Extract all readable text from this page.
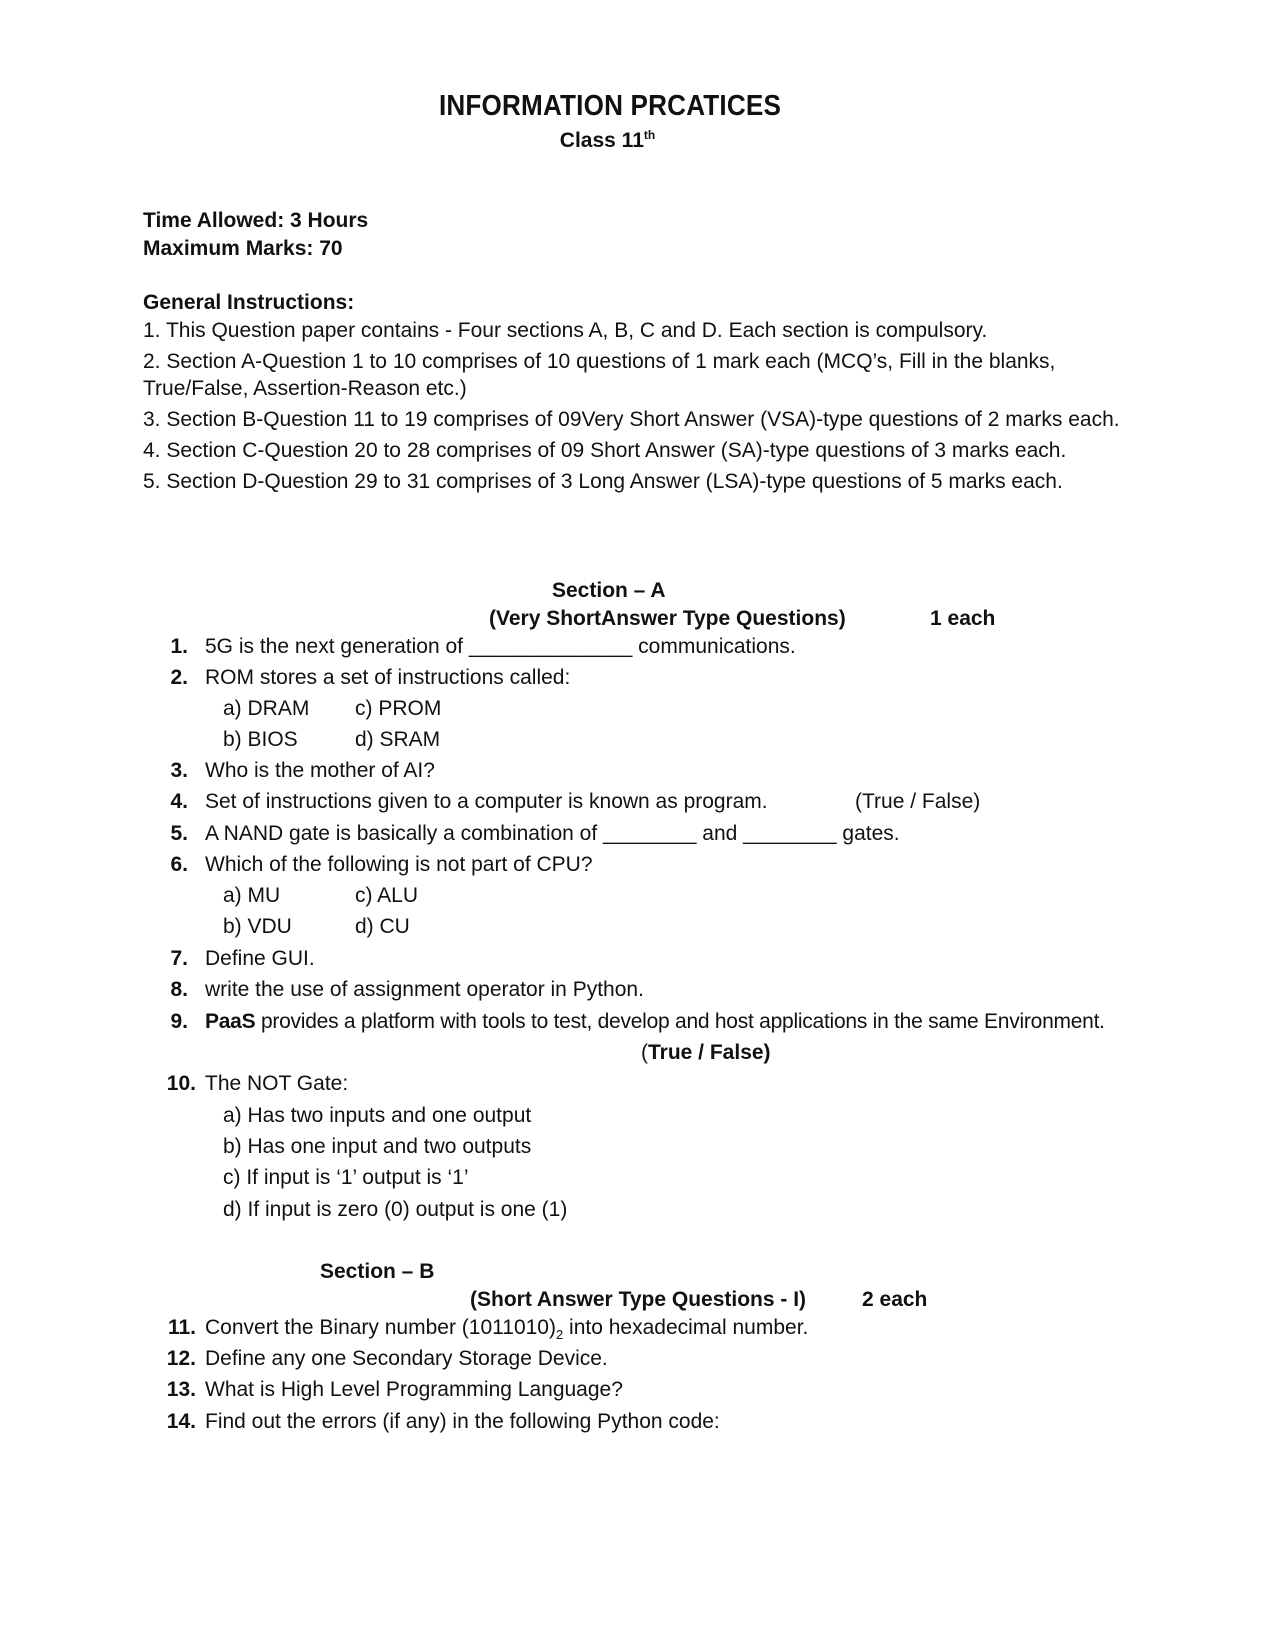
INFORMATION PRCATICES
Class 11th
Time Allowed: 3 Hours
Maximum Marks: 70
General Instructions:
1. This Question paper contains - Four sections A, B, C and D. Each section is compulsory.
2. Section A-Question 1 to 10 comprises of 10 questions of 1 mark each (MCQ’s, Fill in the blanks,
True/False, Assertion-Reason etc.)
3. Section B-Question 11 to 19 comprises of 09Very Short Answer (VSA)-type questions of 2 marks each.
4. Section C-Question 20 to 28 comprises of 09 Short Answer (SA)-type questions of 3 marks each.
5. Section D-Question 29 to 31 comprises of 3 Long Answer (LSA)-type questions of 5 marks each.
Section – A
(Very ShortAnswer Type Questions)	1 each
1. 5G is the next generation of ______________ communications.
2. ROM stores a set of instructions called:
a) DRAM c) PROM
b) BIOS	d) SRAM
3. Who is the mother of AI?
4. Set of instructions given to a computer is known as program.	(True / False)
5. A NAND gate is basically a combination of ________ and ________ gates.
6. Which of the following is not part of CPU?
a) MU	c) ALU
b) VDU	d) CU
7. Define GUI.
8. write the use of assignment operator in Python.
9. PaaS provides a platform with tools to test, develop and host applications in the same Environment.
(True / False)
10. The NOT Gate:
a) Has two inputs and one output
b) Has one input and two outputs
c) If input is ‘1’ output is ‘1’
d) If input is zero (0) output is one (1)
Section – B
(Short Answer Type Questions - I)	2 each
11. Convert the Binary number $(1011010)_2$ into hexadecimal number.
12. Define any one Secondary Storage Device.
13. What is High Level Programming Language?
14. Find out the errors (if any) in the following Python code:
